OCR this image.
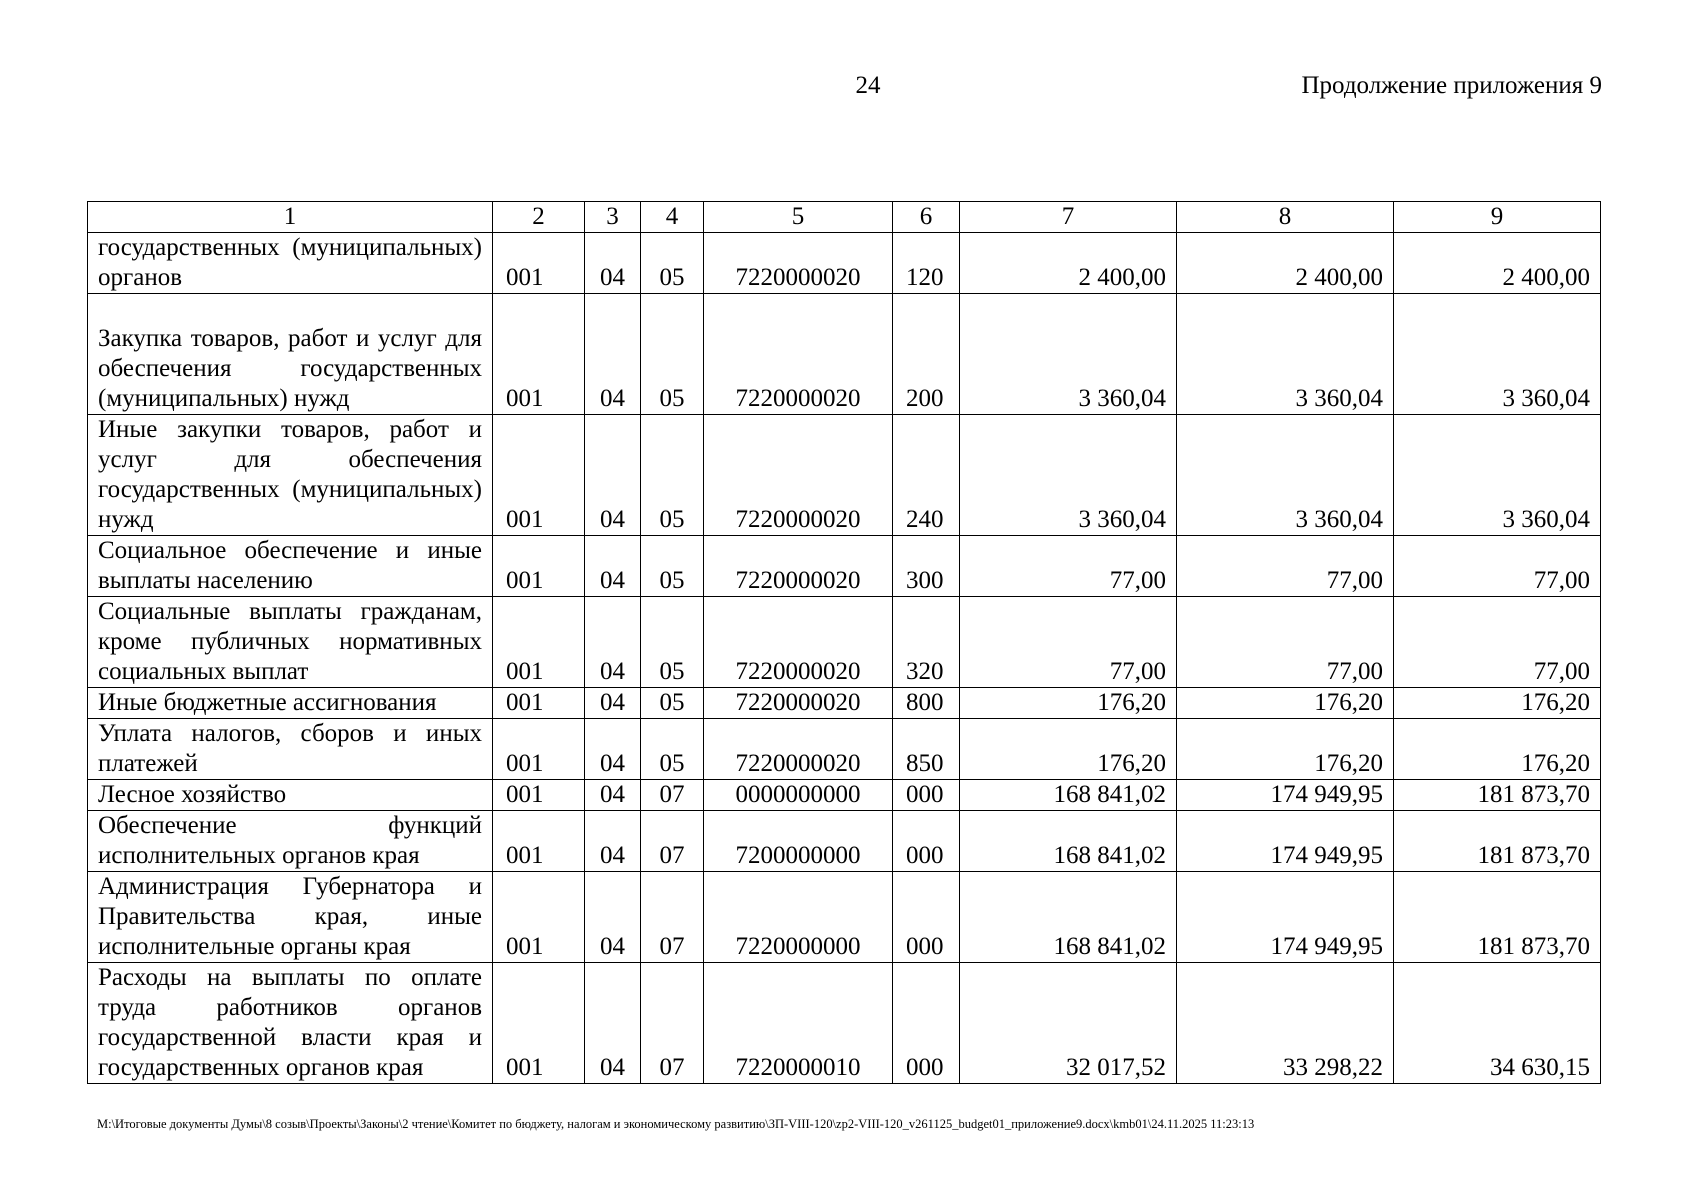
24	Продолжение приложения 9
1	2	3	4	5	6	7	8	9
государственных (муниципальных) органов	001	04	05	7220000020	120	2 400,00	2 400,00	2 400,00
Закупка товаров, работ и услуг для обеспечения государственных (муниципальных) нужд	001	04	05	7220000020	200	3 360,04	3 360,04	3 360,04
Иные закупки товаров, работ и услуг для обеспечения государственных (муниципальных) нужд	001	04	05	7220000020	240	3 360,04	3 360,04	3 360,04
Социальное обеспечение и иные выплаты населению	001	04	05	7220000020	300	77,00	77,00	77,00
Социальные выплаты гражданам, кроме публичных нормативных социальных выплат	001	04	05	7220000020	320	77,00	77,00	77,00
Иные бюджетные ассигнования	001	04	05	7220000020	800	176,20	176,20	176,20
Уплата налогов, сборов и иных платежей	001	04	05	7220000020	850	176,20	176,20	176,20
Лесное хозяйство	001	04	07	0000000000	000	168 841,02	174 949,95	181 873,70
Обеспечение функций исполнительных органов края	001	04	07	7200000000	000	168 841,02	174 949,95	181 873,70
Администрация Губернатора и Правительства края, иные исполнительные органы края	001	04	07	7220000000	000	168 841,02	174 949,95	181 873,70
Расходы на выплаты по оплате труда работников органов государственной власти края и государственных органов края	001	04	07	7220000010	000	32 017,52	33 298,22	34 630,15
М:\Итоговые документы Думы\8 созыв\Проекты\Законы\2 чтение\Комитет по бюджету, налогам и экономическому развитию\ЗП-VIII-120\zp2-VIII-120_v261125_budget01_приложение9.docx\kmb01\24.11.2025 11:23:13
